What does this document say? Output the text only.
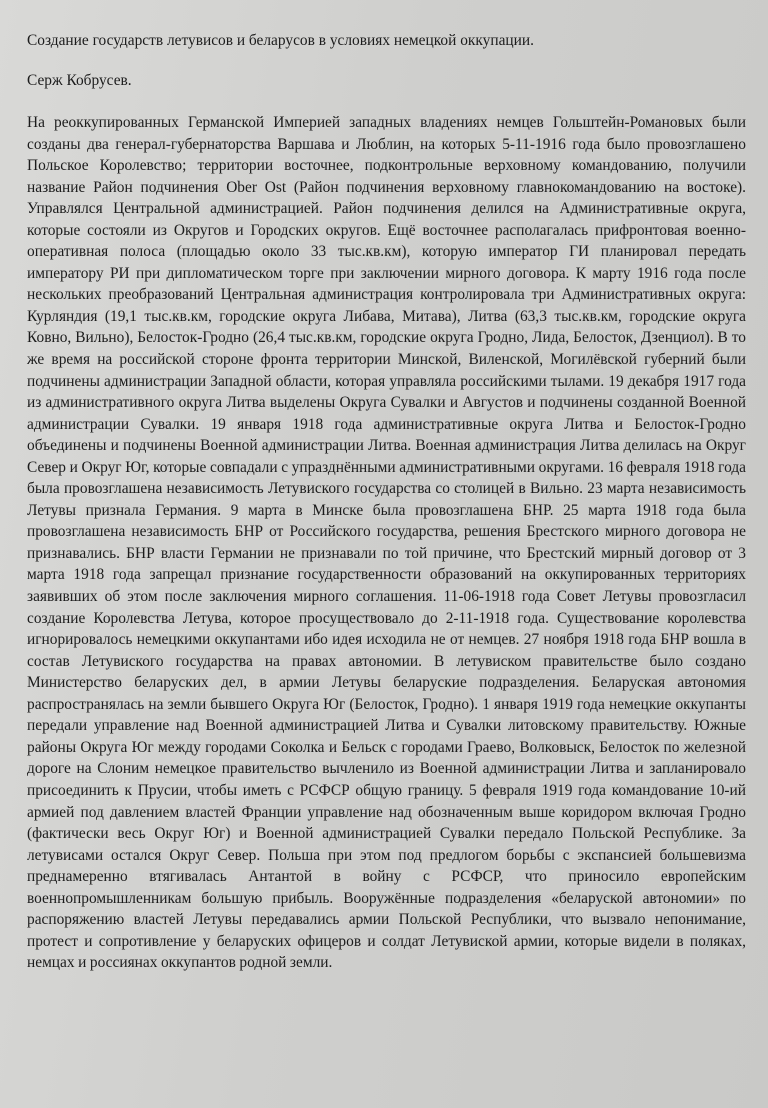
Создание государств летувисов и беларусов в условиях немецкой оккупации.

Серж Кобрусев.

На реоккупированных Германской Империей западных владениях немцев Гольштейн-Романовых были созданы два генерал-губернаторства Варшава и Люблин, на которых 5-11-1916 года было провозглашено Польское Королевство; территории восточнее, подконтрольные верховному командованию, получили название Район подчинения Ober Ost (Район подчинения верховному главнокомандованию на востоке). Управлялся Центральной администрацией. Район подчинения делился на Административные округа, которые состояли из Округов и Городских округов. Ещё восточнее располагалась прифронтовая военно-оперативная полоса (площадью около 33 тыс.кв.км), которую император ГИ планировал передать императору РИ при дипломатическом торге при заключении мирного договора. К марту 1916 года после нескольких преобразований Центральная администрация контролировала три Административных округа: Курляндия (19,1 тыс.кв.км, городские округа Либава, Митава), Литва (63,3 тыс.кв.км, городские округа Ковно, Вильно), Белосток-Гродно (26,4 тыс.кв.км, городские округа Гродно, Лида, Белосток, Дзенциол). В то же время на российской стороне фронта территории Минской, Виленской, Могилёвской губерний были подчинены администрации Западной области, которая управляла российскими тылами. 19 декабря 1917 года из административного округа Литва выделены Округа Сувалки и Августов и подчинены созданной Военной администрации Сувалки. 19 января 1918 года административные округа Литва и Белосток-Гродно объединены и подчинены Военной администрации Литва. Военная администрация Литва делилась на Округ Север и Округ Юг, которые совпадали с упразднёнными административными округами. 16 февраля 1918 года была провозглашена независимость Летувиского государства со столицей в Вильно. 23 марта независимость Летувы признала Германия. 9 марта в Минске была провозглашена БНР. 25 марта 1918 года была провозглашена независимость БНР от Российского государства, решения Брестского мирного договора не признавались. БНР власти Германии не признавали по той причине, что Брестский мирный договор от 3 марта 1918 года запрещал признание государственности образований на оккупированных территориях заявивших об этом после заключения мирного соглашения. 11-06-1918 года Совет Летувы провозгласил создание Королевства Летува, которое просуществовало до 2-11-1918 года. Существование королевства игнорировалось немецкими оккупантами ибо идея исходила не от немцев. 27 ноября 1918 года БНР вошла в состав Летувиского государства на правах автономии. В летувиском правительстве было создано Министерство беларуских дел, в армии Летувы беларуские подразделения. Беларуская автономия распространялась на земли бывшего Округа Юг (Белосток, Гродно). 1 января 1919 года немецкие оккупанты передали управление над Военной администрацией Литва и Сувалки литовскому правительству. Южные районы Округа Юг между городами Соколка и Бельск с городами Граево, Волковыск, Белосток по железной дороге на Слоним немецкое правительство вычленило из Военной администрации Литва и запланировало присоединить к Прусии, чтобы иметь с РСФСР общую границу. 5 февраля 1919 года командование 10-ий армией под давлением властей Франции управление над обозначенным выше коридором включая Гродно (фактически весь Округ Юг) и Военной администрацией Сувалки передало Польской Республике. За летувисами остался Округ Север. Польша при этом под предлогом борьбы с экспансией большевизма преднамеренно втягивалась Антантой в войну с РСФСР, что приносило европейским военнопромышленникам большую прибыль. Вооружённые подразделения «беларуской автономии» по распоряжению властей Летувы передавались армии Польской Республики, что вызвало непонимание, протест и сопротивление у беларуских офицеров и солдат Летувиской армии, которые видели в поляках, немцах и россиянах оккупантов родной земли.
